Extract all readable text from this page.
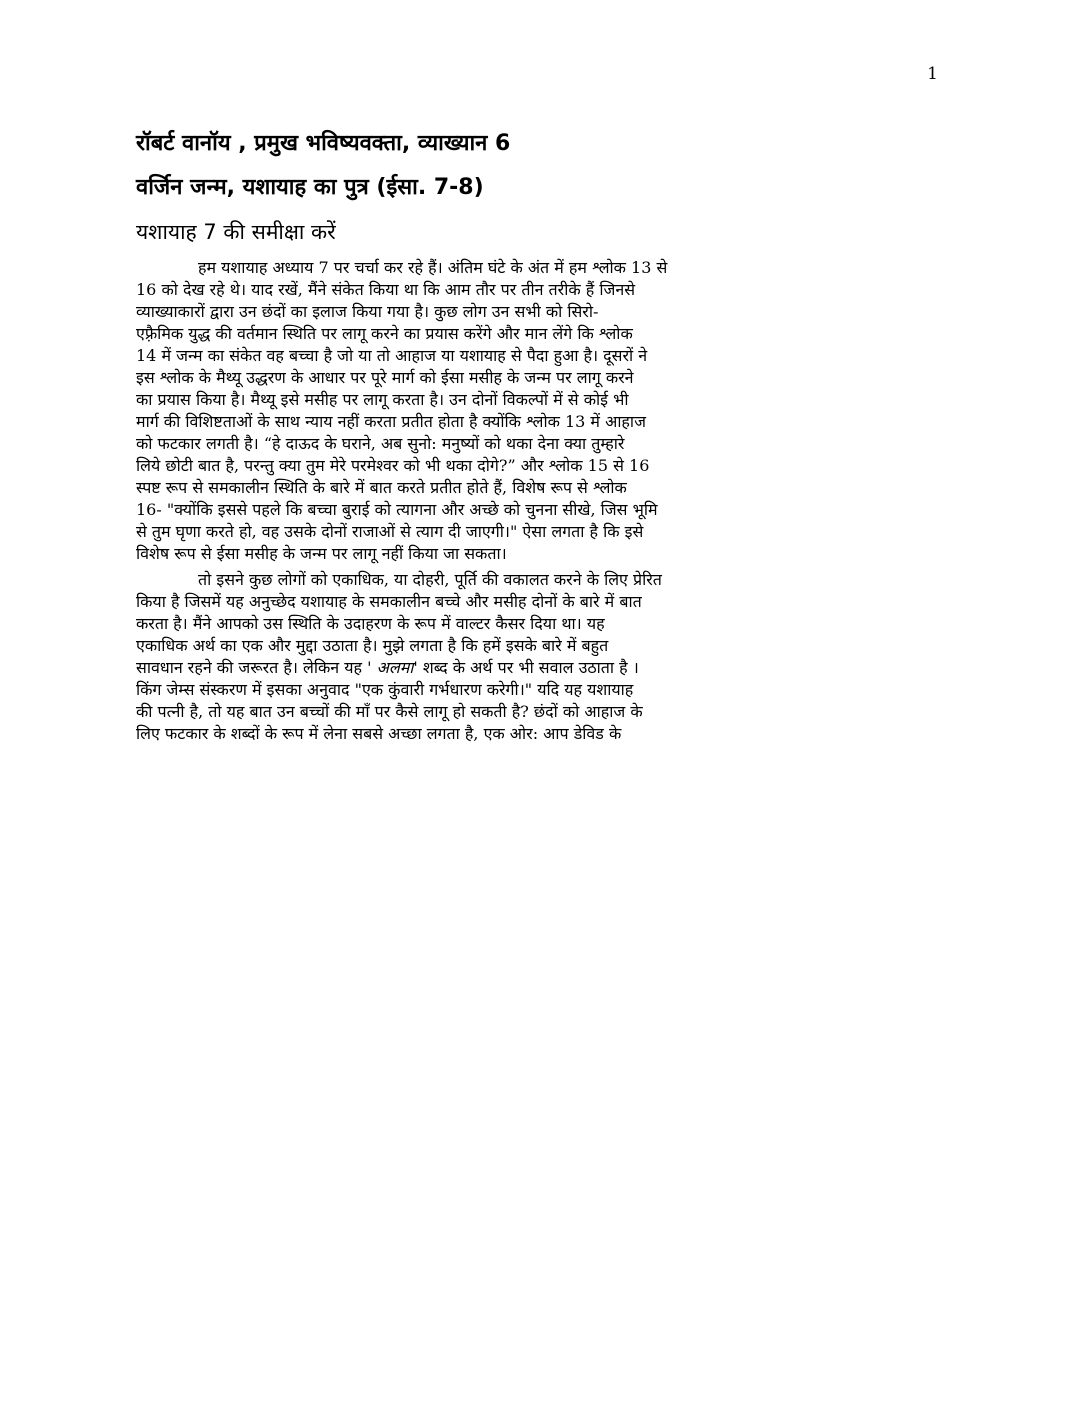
1
रॉबर्ट वानॉय , प्रमुख भविष्यवक्ता, व्याख्यान 6
वर्जिन जन्म, यशायाह का पुत्र (ईसा. 7-8)
यशायाह 7 की समीक्षा करें
हम यशायाह अध्याय 7 पर चर्चा कर रहे हैं। अंतिम घंटे के अंत में हम श्लोक 13 से
16 को देख रहे थे। याद रखें, मैंने संकेत किया था कि आम तौर पर तीन तरीके हैं जिनसे
व्याख्याकारों द्वारा उन छंदों का इलाज किया गया है। कुछ लोग उन सभी को सिरो-
एफ़्रैमिक युद्ध की वर्तमान स्थिति पर लागू करने का प्रयास करेंगे और मान लेंगे कि श्लोक
14 में जन्म का संकेत वह बच्चा है जो या तो आहाज या यशायाह से पैदा हुआ है। दूसरों ने
इस श्लोक के मैथ्यू उद्धरण के आधार पर पूरे मार्ग को ईसा मसीह के जन्म पर लागू करने
का प्रयास किया है। मैथ्यू इसे मसीह पर लागू करता है। उन दोनों विकल्पों में से कोई भी
मार्ग की विशिष्टताओं के साथ न्याय नहीं करता प्रतीत होता है क्योंकि श्लोक 13 में आहाज
को फटकार लगती है। “हे दाऊद के घराने, अब सुनो: मनुष्यों को थका देना क्या तुम्हारे
लिये छोटी बात है, परन्तु क्या तुम मेरे परमेश्वर को भी थका दोगे?” और श्लोक 15 से 16
स्पष्ट रूप से समकालीन स्थिति के बारे में बात करते प्रतीत होते हैं, विशेष रूप से श्लोक
16- "क्योंकि इससे पहले कि बच्चा बुराई को त्यागना और अच्छे को चुनना सीखे, जिस भूमि
से तुम घृणा करते हो, वह उसके दोनों राजाओं से त्याग दी जाएगी।" ऐसा लगता है कि इसे
विशेष रूप से ईसा मसीह के जन्म पर लागू नहीं किया जा सकता।
तो इसने कुछ लोगों को एकाधिक, या दोहरी, पूर्ति की वकालत करने के लिए प्रेरित
किया है जिसमें यह अनुच्छेद यशायाह के समकालीन बच्चे और मसीह दोनों के बारे में बात
करता है। मैंने आपको उस स्थिति के उदाहरण के रूप में वाल्टर कैसर दिया था। यह
एकाधिक अर्थ का एक और मुद्दा उठाता है। मुझे लगता है कि हमें इसके बारे में बहुत
सावधान रहने की जरूरत है। लेकिन यह ' अलमा' शब्द के अर्थ पर भी सवाल उठाता है ।
किंग जेम्स संस्करण में इसका अनुवाद "एक कुंवारी गर्भधारण करेगी।" यदि यह यशायाह
की पत्नी है, तो यह बात उन बच्चों की माँ पर कैसे लागू हो सकती है? छंदों को आहाज के
लिए फटकार के शब्दों के रूप में लेना सबसे अच्छा लगता है, एक ओर: आप डेविड के
